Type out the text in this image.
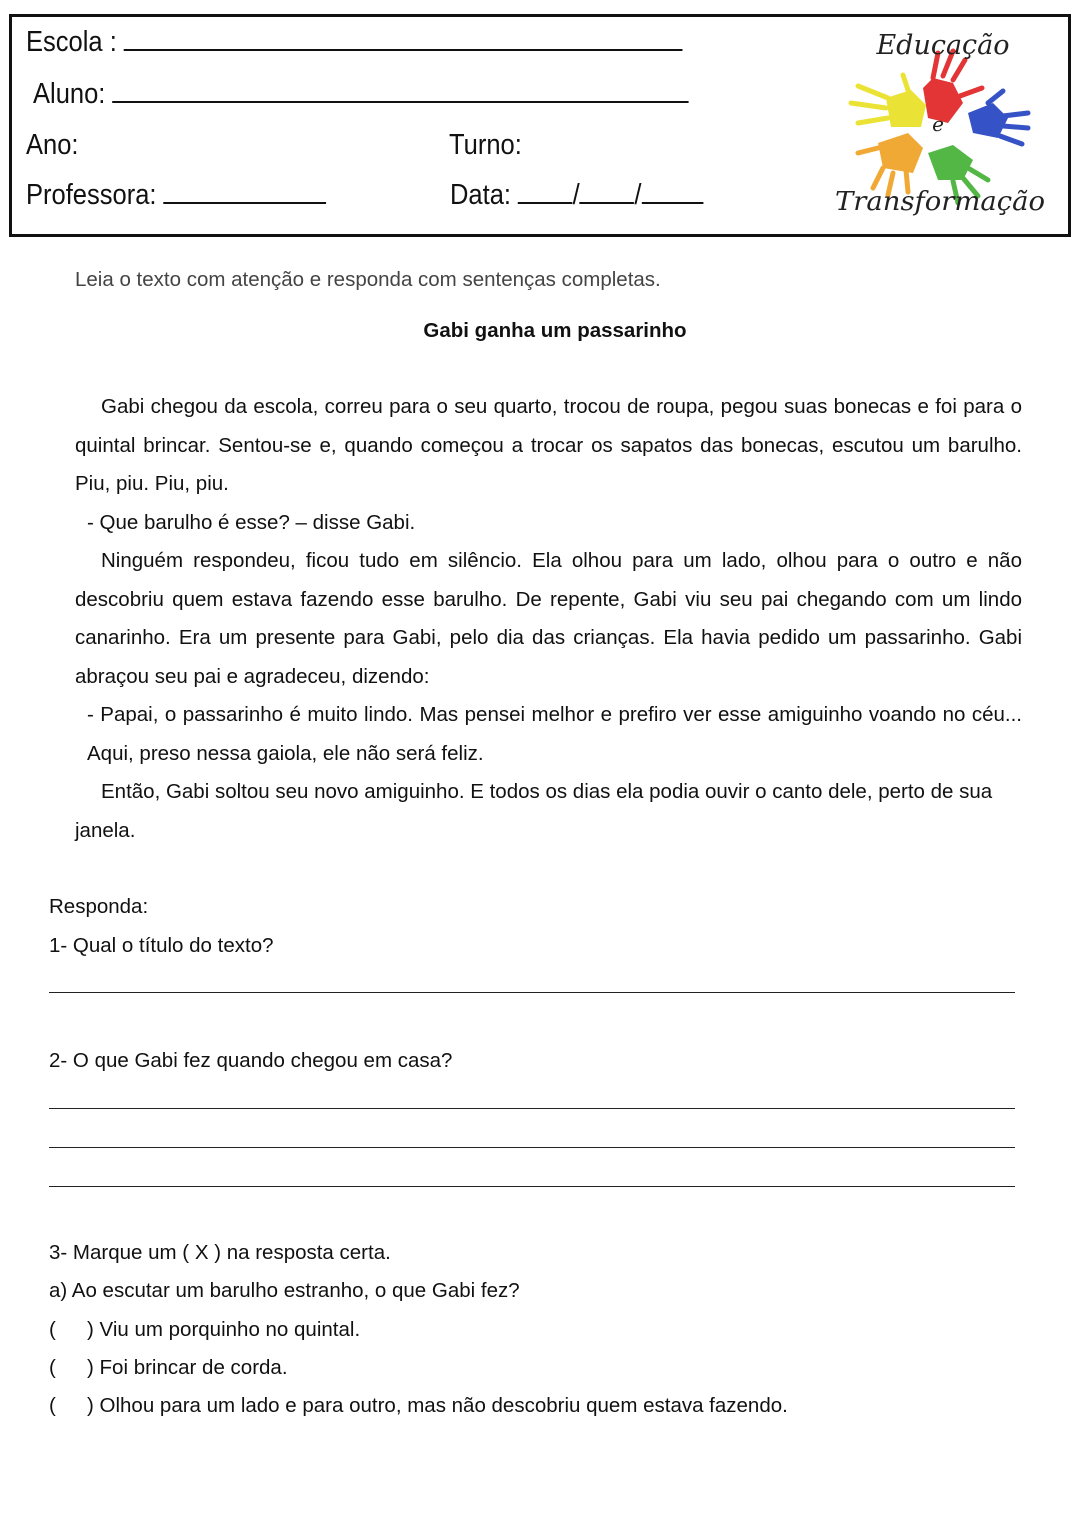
Escola :
Aluno:
Ano:	Turno:
Professora:	Data: / /
Educação
e
Transformação
Leia o texto com atenção e responda com sentenças completas.
Gabi ganha um passarinho

Gabi chegou da escola, correu para o seu quarto, trocou de roupa, pegou suas bonecas e foi para o quintal brincar. Sentou-se e, quando começou a trocar os sapatos das bonecas, escutou um barulho. Piu, piu. Piu, piu.

- Que barulho é esse? – disse Gabi.

Ninguém respondeu, ficou tudo em silêncio. Ela olhou para um lado, olhou para o outro e não descobriu quem estava fazendo esse barulho. De repente, Gabi viu seu pai chegando com um lindo canarinho. Era um presente para Gabi, pelo dia das crianças. Ela havia pedido um passarinho. Gabi abraçou seu pai e agradeceu, dizendo:

- Papai, o passarinho é muito lindo. Mas pensei melhor e prefiro ver esse amiguinho voando no céu... Aqui, preso nessa gaiola, ele não será feliz.

Então, Gabi soltou seu novo amiguinho. E todos os dias ela podia ouvir o canto dele, perto de sua janela.

Responda:
1- Qual o título do texto?
2- O que Gabi fez quando chegou em casa?
3- Marque um ( X ) na resposta certa.
a) Ao escutar um barulho estranho, o que Gabi fez?
( ) Viu um porquinho no quintal.
( ) Foi brincar de corda.
( ) Olhou para um lado e para outro, mas não descobriu quem estava fazendo.
